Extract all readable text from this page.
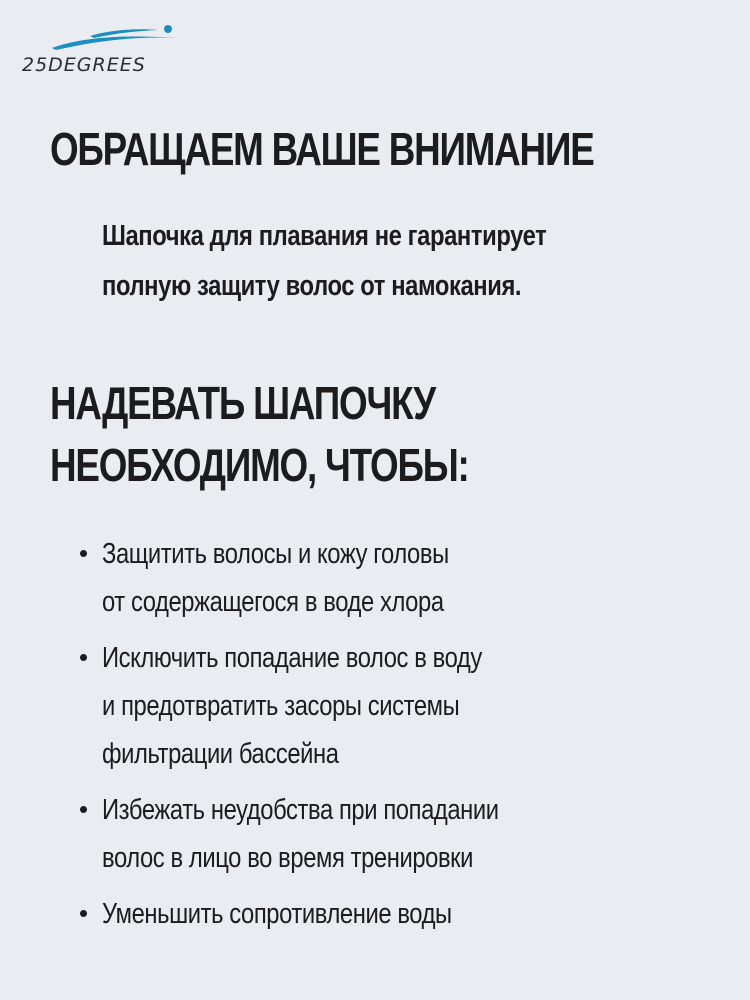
25DEGREES
ОБРАЩАЕМ ВАШЕ ВНИМАНИЕ

Шапочка для плавания не гарантирует
полную защиту волос от намокания.

НАДЕВАТЬ ШАПОЧКУ
НЕОБХОДИМО, ЧТОБЫ:
Защитить волосы и кожу головы
от содержащегося в воде хлора
Исключить попадание волос в воду
и предотвратить засоры системы
фильтрации бассейна
Избежать неудобства при попадании
волос в лицо во время тренировки
Уменьшить сопротивление воды
